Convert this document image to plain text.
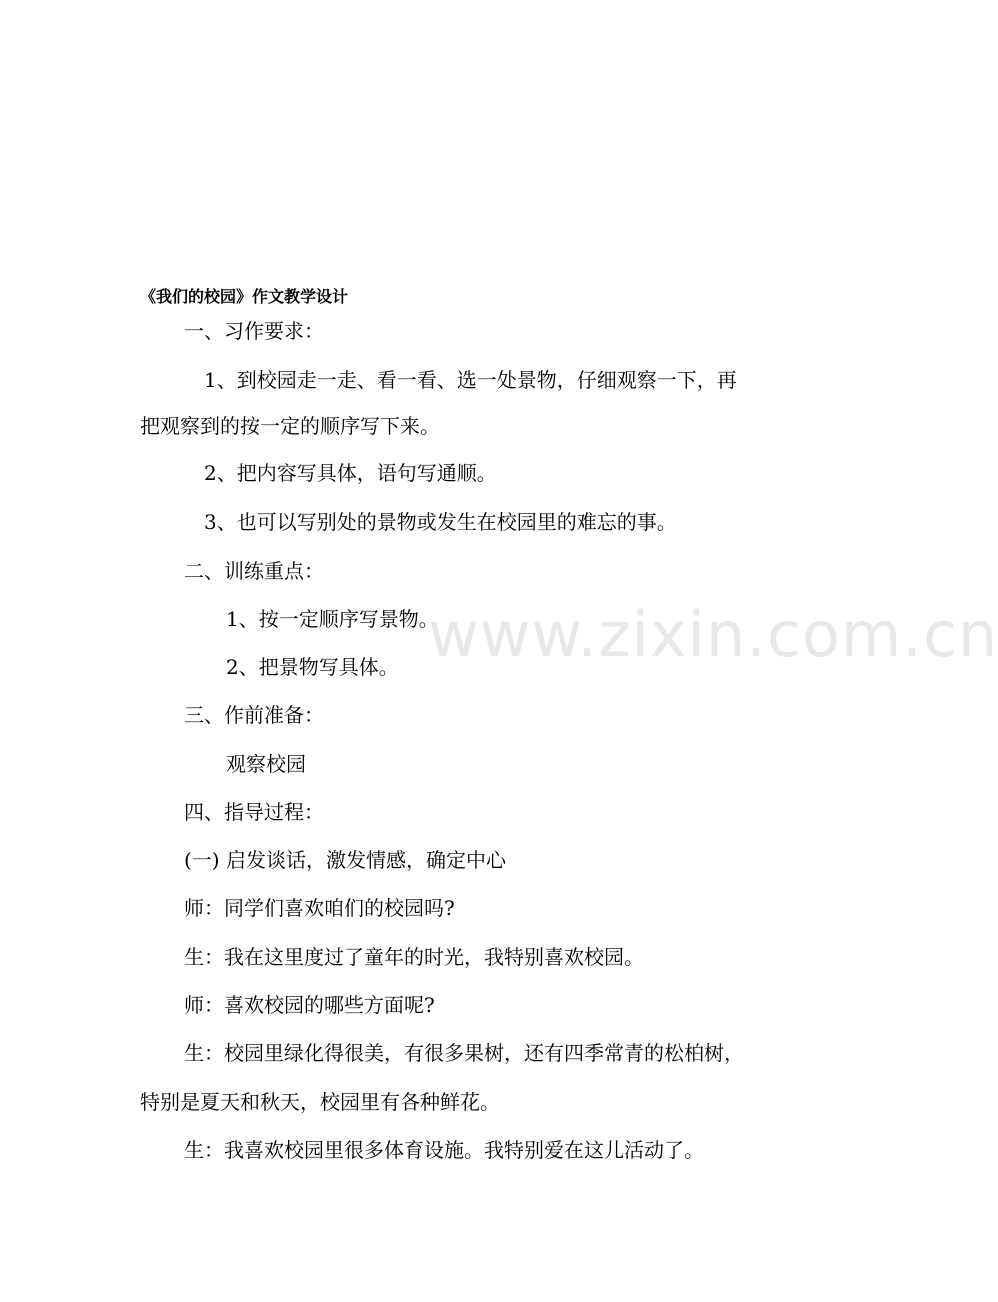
《我们的校园》作文教学设计
一、习作要求：
1、到校园走一走、看一看、选一处景物，仔细观察一下，再
把观察到的按一定的顺序写下来。
2、把内容写具体，语句写通顺。
3、也可以写别处的景物或发生在校园里的难忘的事。
二、训练重点：
1、按一定顺序写景物。
2、把景物写具体。
三、作前准备：
观察校园
四、指导过程：
(一) 启发谈话，激发情感，确定中心
师：同学们喜欢咱们的校园吗?
生：我在这里度过了童年的时光，我特别喜欢校园。
师：喜欢校园的哪些方面呢?
生：校园里绿化得很美，有很多果树，还有四季常青的松柏树，
特别是夏天和秋天，校园里有各种鲜花。
生：我喜欢校园里很多体育设施。我特别爱在这儿活动了。
www.zixin.com.cn
